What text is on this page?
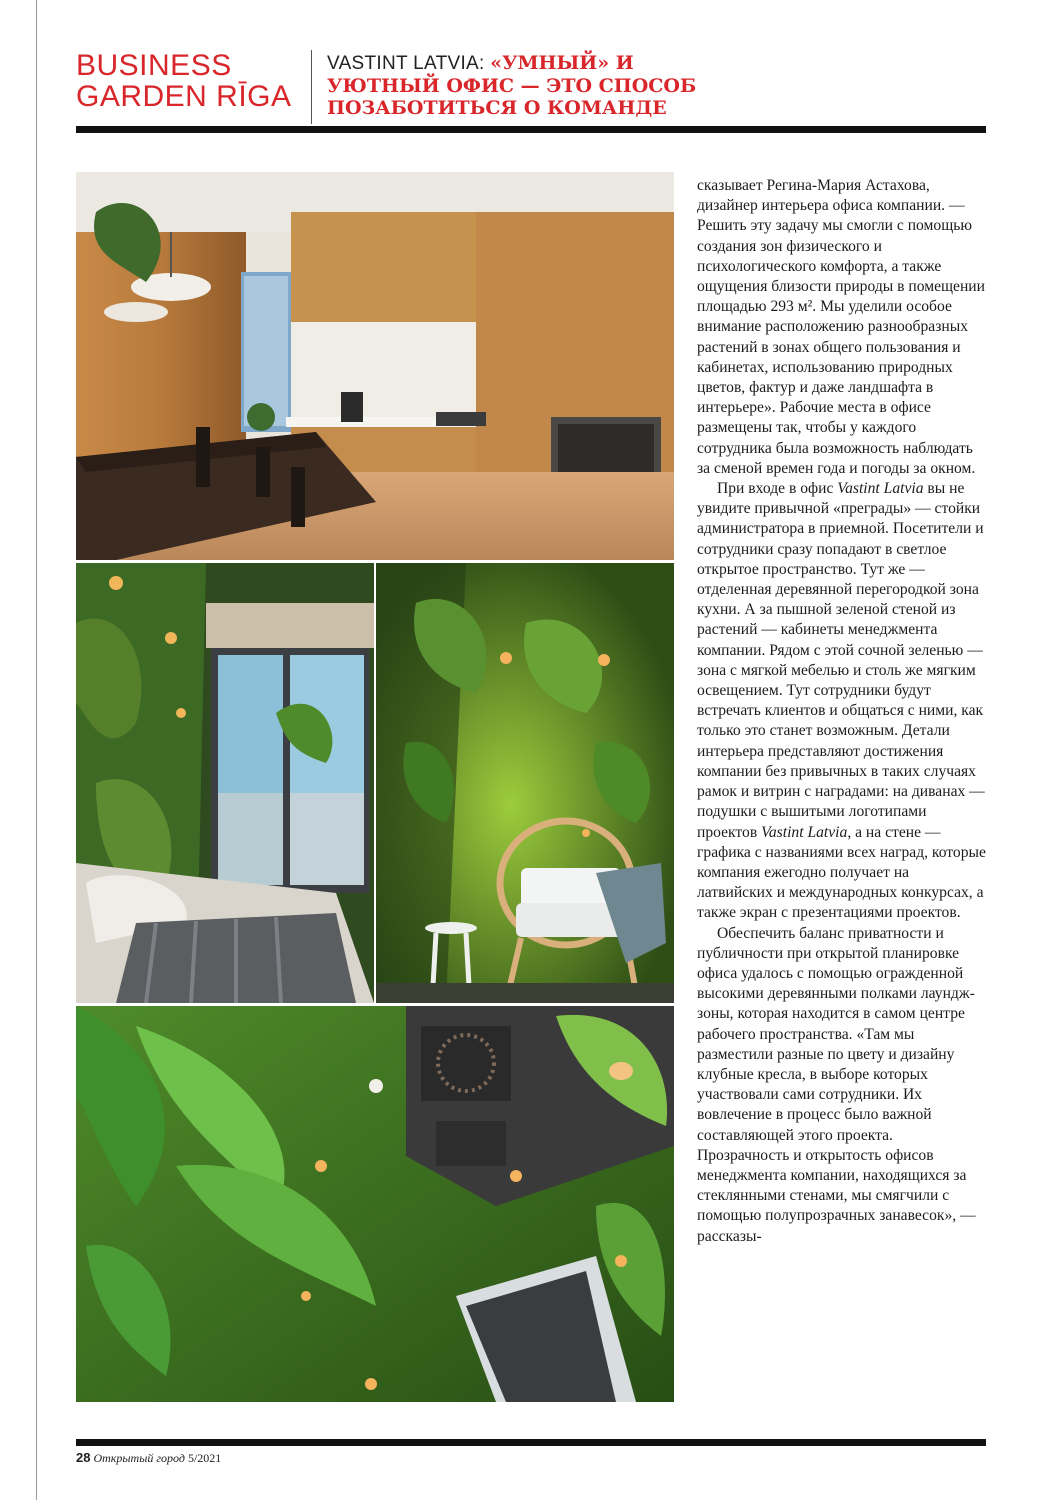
BUSINESS
GARDEN RĪGA
VASTINT LATVIA: «УМНЫЙ» И
УЮТНЫЙ ОФИС — ЭТО СПОСОБ
ПОЗАБОТИТЬСЯ О КОМАНДЕ

сказывает Регина-Мария Астахова, дизайнер интерьера офиса компании. — Решить эту задачу мы смогли с помощью создания зон физического и психологического комфорта, а также ощущения близости природы в помещении площадью 293 м². Мы уделили особое внимание расположению разнообразных растений в зонах общего пользования и кабинетах, использованию природных цветов, фактур и даже ландшафта в интерьере». Рабочие места в офисе размещены так, чтобы у каждого сотрудника была возможность наблюдать за сменой времен года и погоды за окном.

При входе в офис Vastint Latvia вы не увидите привычной «преграды» — стойки администратора в приемной. Посетители и сотрудники сразу попадают в светлое открытое пространство. Тут же — отделенная деревянной перегородкой зона кухни. А за пышной зеленой стеной из растений — кабинеты менеджмента компании. Рядом с этой сочной зеленью — зона с мягкой мебелью и столь же мягким освещением. Тут сотрудники будут встречать клиентов и общаться с ними, как только это станет возможным. Детали интерьера представляют достижения компании без привычных в таких случаях рамок и витрин с наградами: на диванах — подушки с вышитыми логотипами проектов Vastint Latvia, а на стене — графика с названиями всех наград, которые компания ежегодно получает на латвийских и международных конкурсах, а также экран с презентациями проектов.

Обеспечить баланс приватности и публичности при открытой планировке офиса удалось с помощью огражденной высокими деревянными полками лаундж-зоны, которая находится в самом центре рабочего пространства. «Там мы разместили разные по цвету и дизайну клубные кресла, в выборе которых участвовали сами сотрудники. Их вовлечение в процесс было важной составляющей этого проекта. Прозрачность и открытость офисов менеджмента компании, находящихся за стеклянными стенами, мы смягчили с помощью полупрозрачных занавесок», — рассказы-

28 Открытый город 5/2021
